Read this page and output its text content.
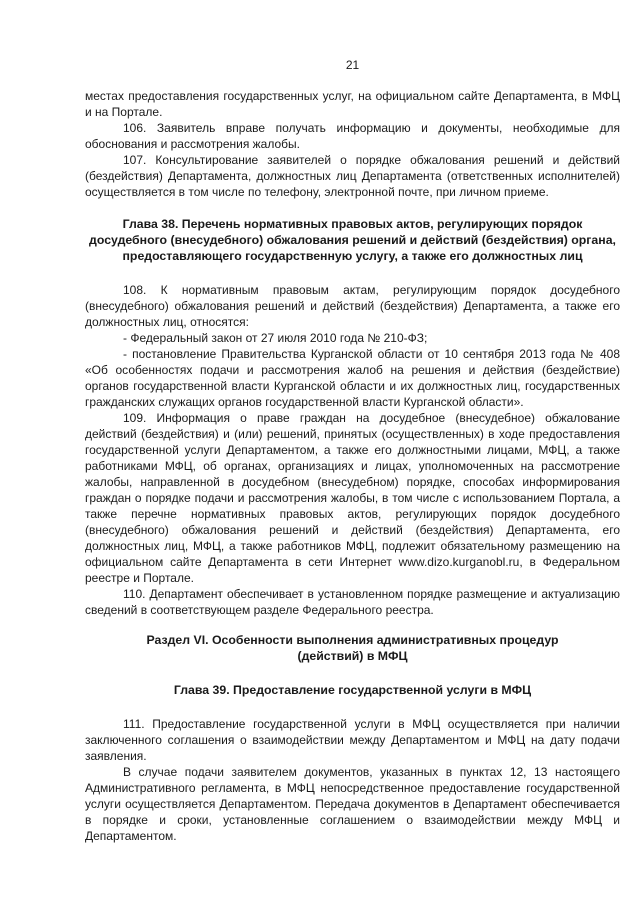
21

местах предоставления государственных услуг, на официальном сайте Департамента, в МФЦ и на Портале.

106. Заявитель вправе получать информацию и документы, необходимые для обоснования и рассмотрения жалобы.

107. Консультирование заявителей о порядке обжалования решений и действий (бездействия) Департамента, должностных лиц Департамента (ответственных исполнителей) осуществляется в том числе по телефону, электронной почте, при личном приеме.

Глава 38. Перечень нормативных правовых актов, регулирующих порядок досудебного (внесудебного) обжалования решений и действий (бездействия) органа, предоставляющего государственную услугу, а также его должностных лиц

108. К нормативным правовым актам, регулирующим порядок досудебного (внесудебного) обжалования решений и действий (бездействия) Департамента, а также его должностных лиц, относятся:

- Федеральный закон от 27 июля 2010 года № 210-ФЗ;

- постановление Правительства Курганской области от 10 сентября 2013 года № 408 «Об особенностях подачи и рассмотрения жалоб на решения и действия (бездействие) органов государственной власти Курганской области и их должностных лиц, государственных гражданских служащих органов государственной власти Курганской области».

109. Информация о праве граждан на досудебное (внесудебное) обжалование действий (бездействия) и (или) решений, принятых (осуществленных) в ходе предоставления государственной услуги Департаментом, а также его должностными лицами, МФЦ, а также работниками МФЦ, об органах, организациях и лицах, уполномоченных на рассмотрение жалобы, направленной в досудебном (внесудебном) порядке, способах информирования граждан о порядке подачи и рассмотрения жалобы, в том числе с использованием Портала, а также перечне нормативных правовых актов, регулирующих порядок досудебного (внесудебного) обжалования решений и действий (бездействия) Департамента, его должностных лиц, МФЦ, а также работников МФЦ, подлежит обязательному размещению на официальном сайте Департамента в сети Интернет www.dizo.kurganobl.ru, в Федеральном реестре и Портале.

110. Департамент обеспечивает в установленном порядке размещение и актуализацию сведений в соответствующем разделе Федерального реестра.

Раздел VI. Особенности выполнения административных процедур
(действий) в МФЦ
Глава 39. Предоставление государственной услуги в МФЦ

111. Предоставление государственной услуги в МФЦ осуществляется при наличии заключенного соглашения о взаимодействии между Департаментом и МФЦ на дату подачи заявления.

В случае подачи заявителем документов, указанных в пунктах 12, 13 настоящего Административного регламента, в МФЦ непосредственное предоставление государственной услуги осуществляется Департаментом. Передача документов в Департамент обеспечивается в порядке и сроки, установленные соглашением о взаимодействии между МФЦ и Департаментом.
